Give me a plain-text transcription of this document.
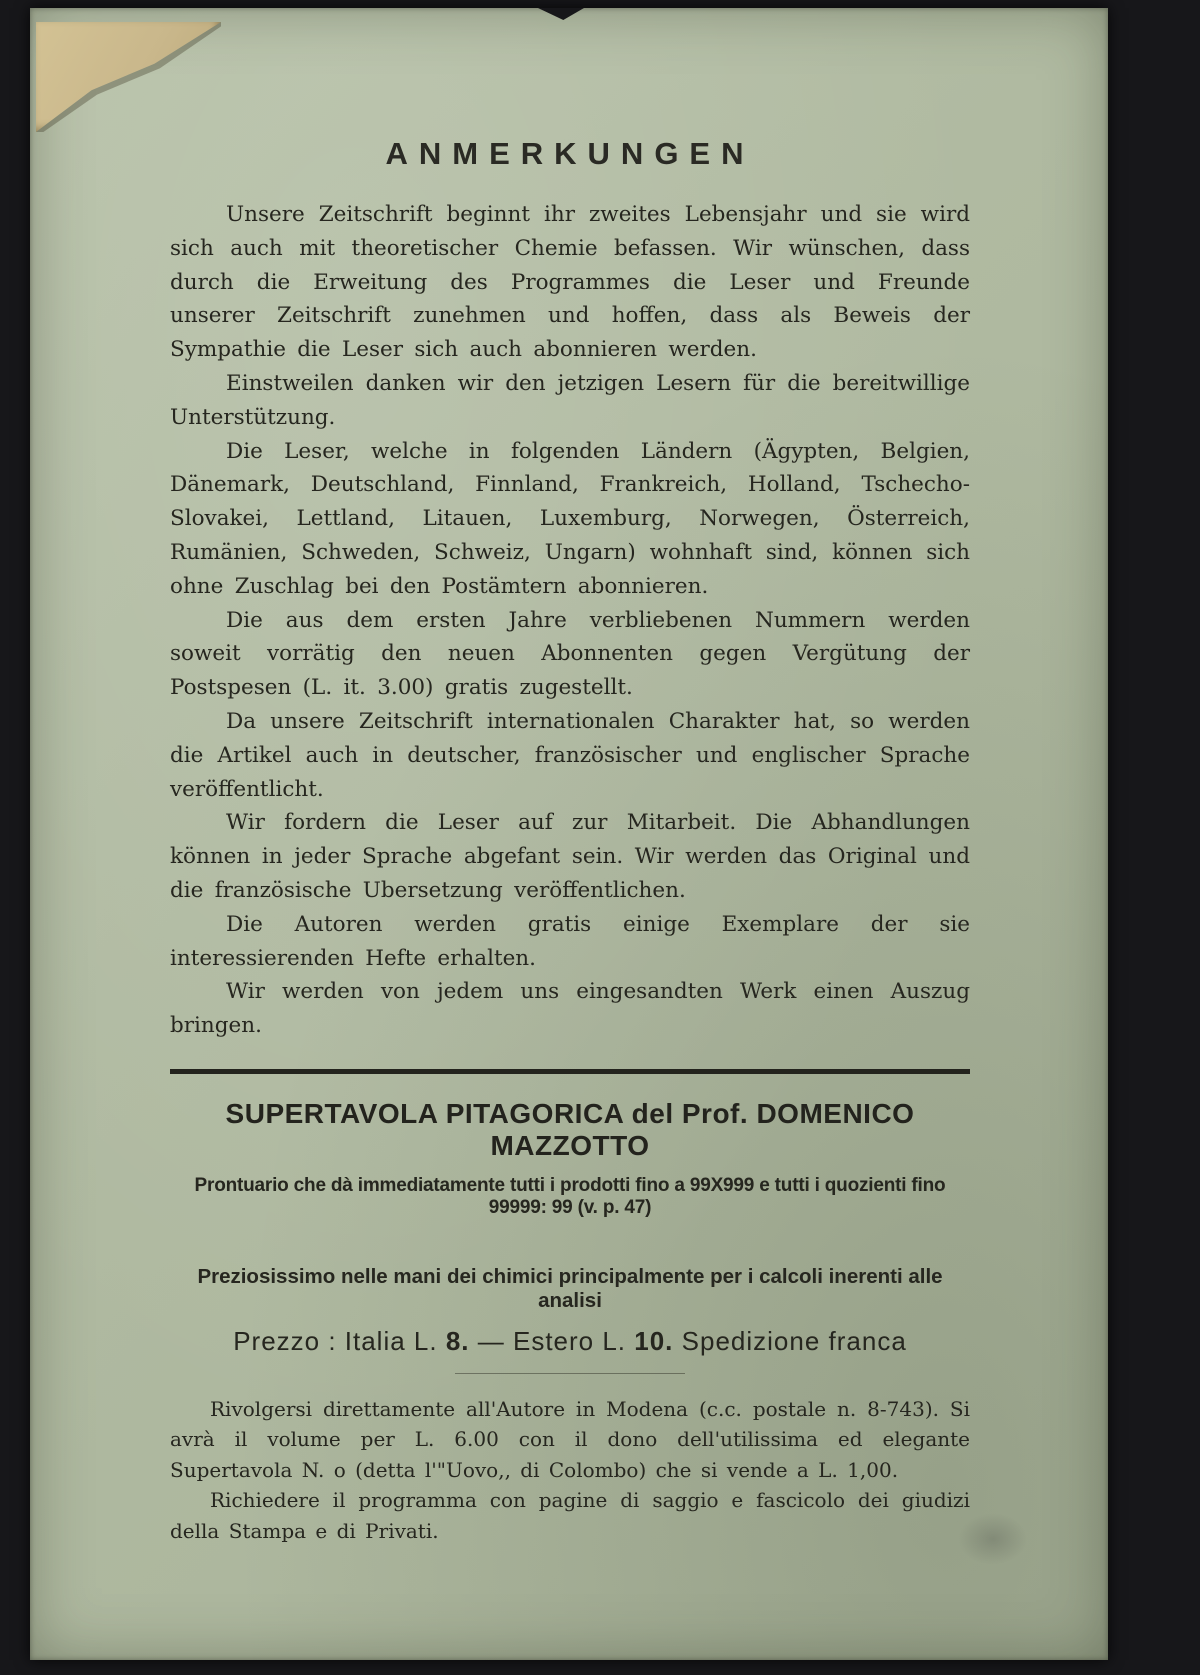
ANMERKUNGEN

Unsere Zeitschrift beginnt ihr zweites Lebensjahr und sie wird sich auch mit theoretischer Chemie befassen. Wir wünschen, dass durch die Erweitung des Programmes die Leser und Freunde unserer Zeitschrift zunehmen und hoffen, dass als Beweis der Sympathie die Leser sich auch abonnieren werden.

Einstweilen danken wir den jetzigen Lesern für die bereitwillige Unterstützung.

Die Leser, welche in folgenden Ländern (Ägypten, Belgien, Dänemark, Deutschland, Finnland, Frankreich, Holland, Tschecho-Slovakei, Lettland, Litauen, Luxemburg, Norwegen, Österreich, Rumänien, Schweden, Schweiz, Ungarn) wohnhaft sind, können sich ohne Zuschlag bei den Postämtern abonnieren.

Die aus dem ersten Jahre verbliebenen Nummern werden soweit vorrätig den neuen Abonnenten gegen Vergütung der Postspesen (L. it. 3.00) gratis zugestellt.

Da unsere Zeitschrift internationalen Charakter hat, so werden die Artikel auch in deutscher, französischer und englischer Sprache veröffentlicht.

Wir fordern die Leser auf zur Mitarbeit. Die Abhandlungen können in jeder Sprache abgefant sein. Wir werden das Original und die französische Ubersetzung veröffentlichen.

Die Autoren werden gratis einige Exemplare der sie interessierenden Hefte erhalten.

Wir werden von jedem uns eingesandten Werk einen Auszug bringen.

SUPERTAVOLA PITAGORICA del Prof. DOMENICO MAZZOTTO
Prontuario che dà immediatamente tutti i prodotti fino a 99X999 e tutti i quozienti fino 99999: 99 (v. p. 47)
Preziosissimo nelle mani dei chimici principalmente per i calcoli inerenti alle analisi
Prezzo : Italia L. 8. — Estero L. 10. Spedizione franca

Rivolgersi direttamente all'Autore in Modena (c.c. postale n. 8-743). Si avrà il volume per L. 6.00 con il dono dell'utilissima ed elegante Supertavola N. o (detta l'"Uovo,, di Colombo) che si vende a L. 1,00.

Richiedere il programma con pagine di saggio e fascicolo dei giudizi della Stampa e di Privati.
